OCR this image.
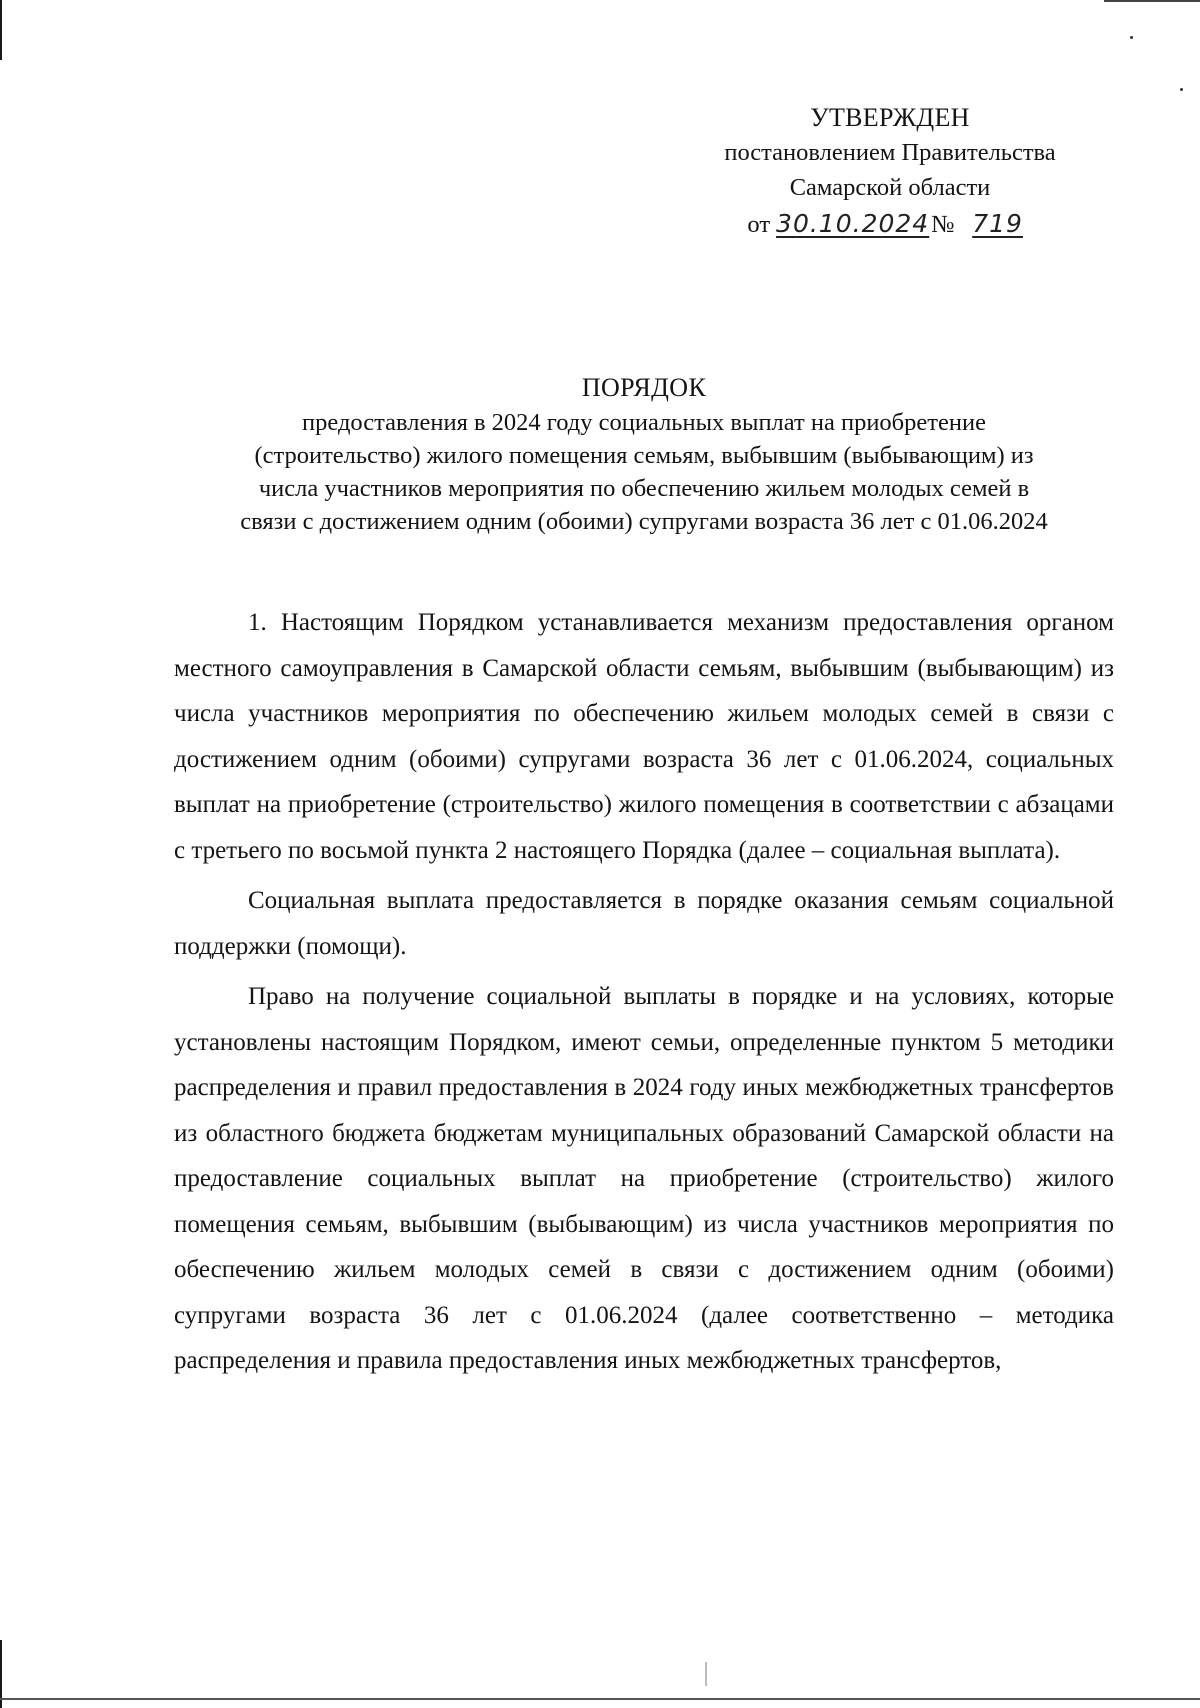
УТВЕРЖДЕН
постановлением Правительства
Самарской области
от 30.10.2024№ 719
ПОРЯДОК
предоставления в 2024 году социальных выплат на приобретение
(строительство) жилого помещения семьям, выбывшим (выбывающим) из
числа участников мероприятия по обеспечению жильем молодых семей в
связи с достижением одним (обоими) супругами возраста 36 лет с 01.06.2024

1. Настоящим Порядком устанавливается механизм предоставления органом местного самоуправления в Самарской области семьям, выбывшим (выбывающим) из числа участников мероприятия по обеспечению жильем молодых семей в связи с достижением одним (обоими) супругами возраста 36 лет с 01.06.2024, социальных выплат на приобретение (строительство) жилого помещения в соответствии с абзацами с третьего по восьмой пункта 2 настоящего Порядка (далее – социальная выплата).

Социальная выплата предоставляется в порядке оказания семьям социальной поддержки (помощи).

Право на получение социальной выплаты в порядке и на условиях, которые установлены настоящим Порядком, имеют семьи, определенные пунктом 5 методики распределения и правил предоставления в 2024 году иных межбюджетных трансфертов из областного бюджета бюджетам муниципальных образований Самарской области на предоставление социальных выплат на приобретение (строительство) жилого помещения семьям, выбывшим (выбывающим) из числа участников мероприятия по обеспечению жильем молодых семей в связи с достижением одним (обоими) супругами возраста 36 лет с 01.06.2024 (далее соответственно – методика распределения и правила предоставления иных межбюджетных трансфертов,
